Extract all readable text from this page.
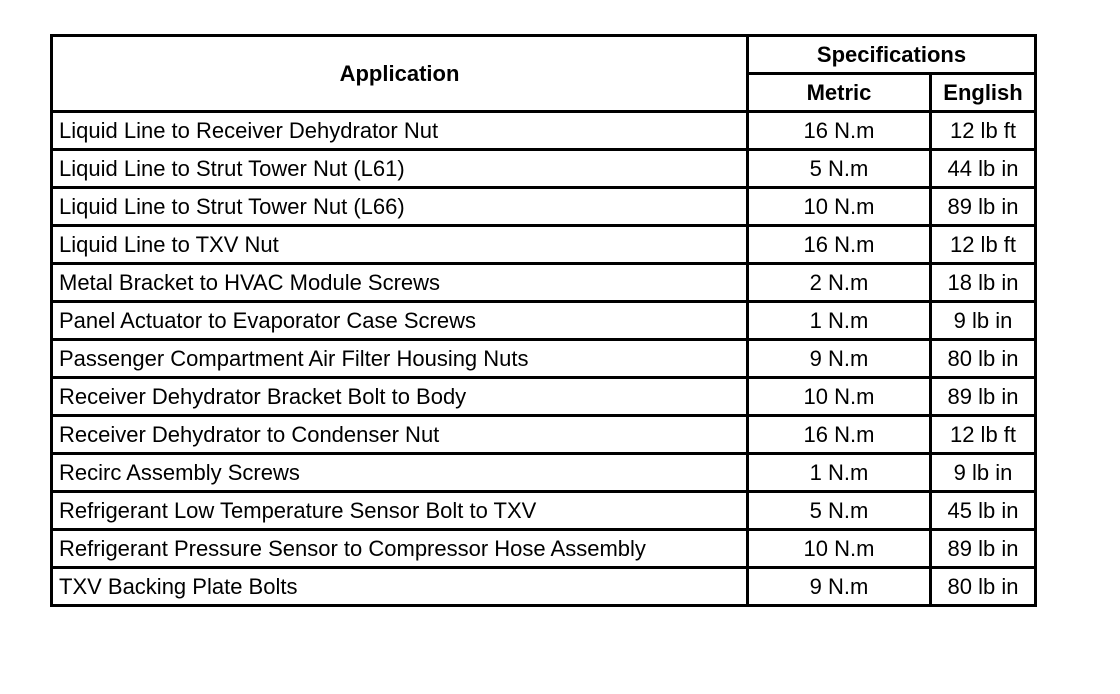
Application	Specifications	
	Metric	English
Liquid Line to Receiver Dehydrator Nut	16 N.m	12 lb ft
Liquid Line to Strut Tower Nut (L61)	5 N.m	44 lb in
Liquid Line to Strut Tower Nut (L66)	10 N.m	89 lb in
Liquid Line to TXV Nut	16 N.m	12 lb ft
Metal Bracket to HVAC Module Screws	2 N.m	18 lb in
Panel Actuator to Evaporator Case Screws	1 N.m	9 lb in
Passenger Compartment Air Filter Housing Nuts	9 N.m	80 lb in
Receiver Dehydrator Bracket Bolt to Body	10 N.m	89 lb in
Receiver Dehydrator to Condenser Nut	16 N.m	12 lb ft
Recirc Assembly Screws	1 N.m	9 lb in
Refrigerant Low Temperature Sensor Bolt to TXV	5 N.m	45 lb in
Refrigerant Pressure Sensor to Compressor Hose Assembly	10 N.m	89 lb in
TXV Backing Plate Bolts	9 N.m	80 lb in
